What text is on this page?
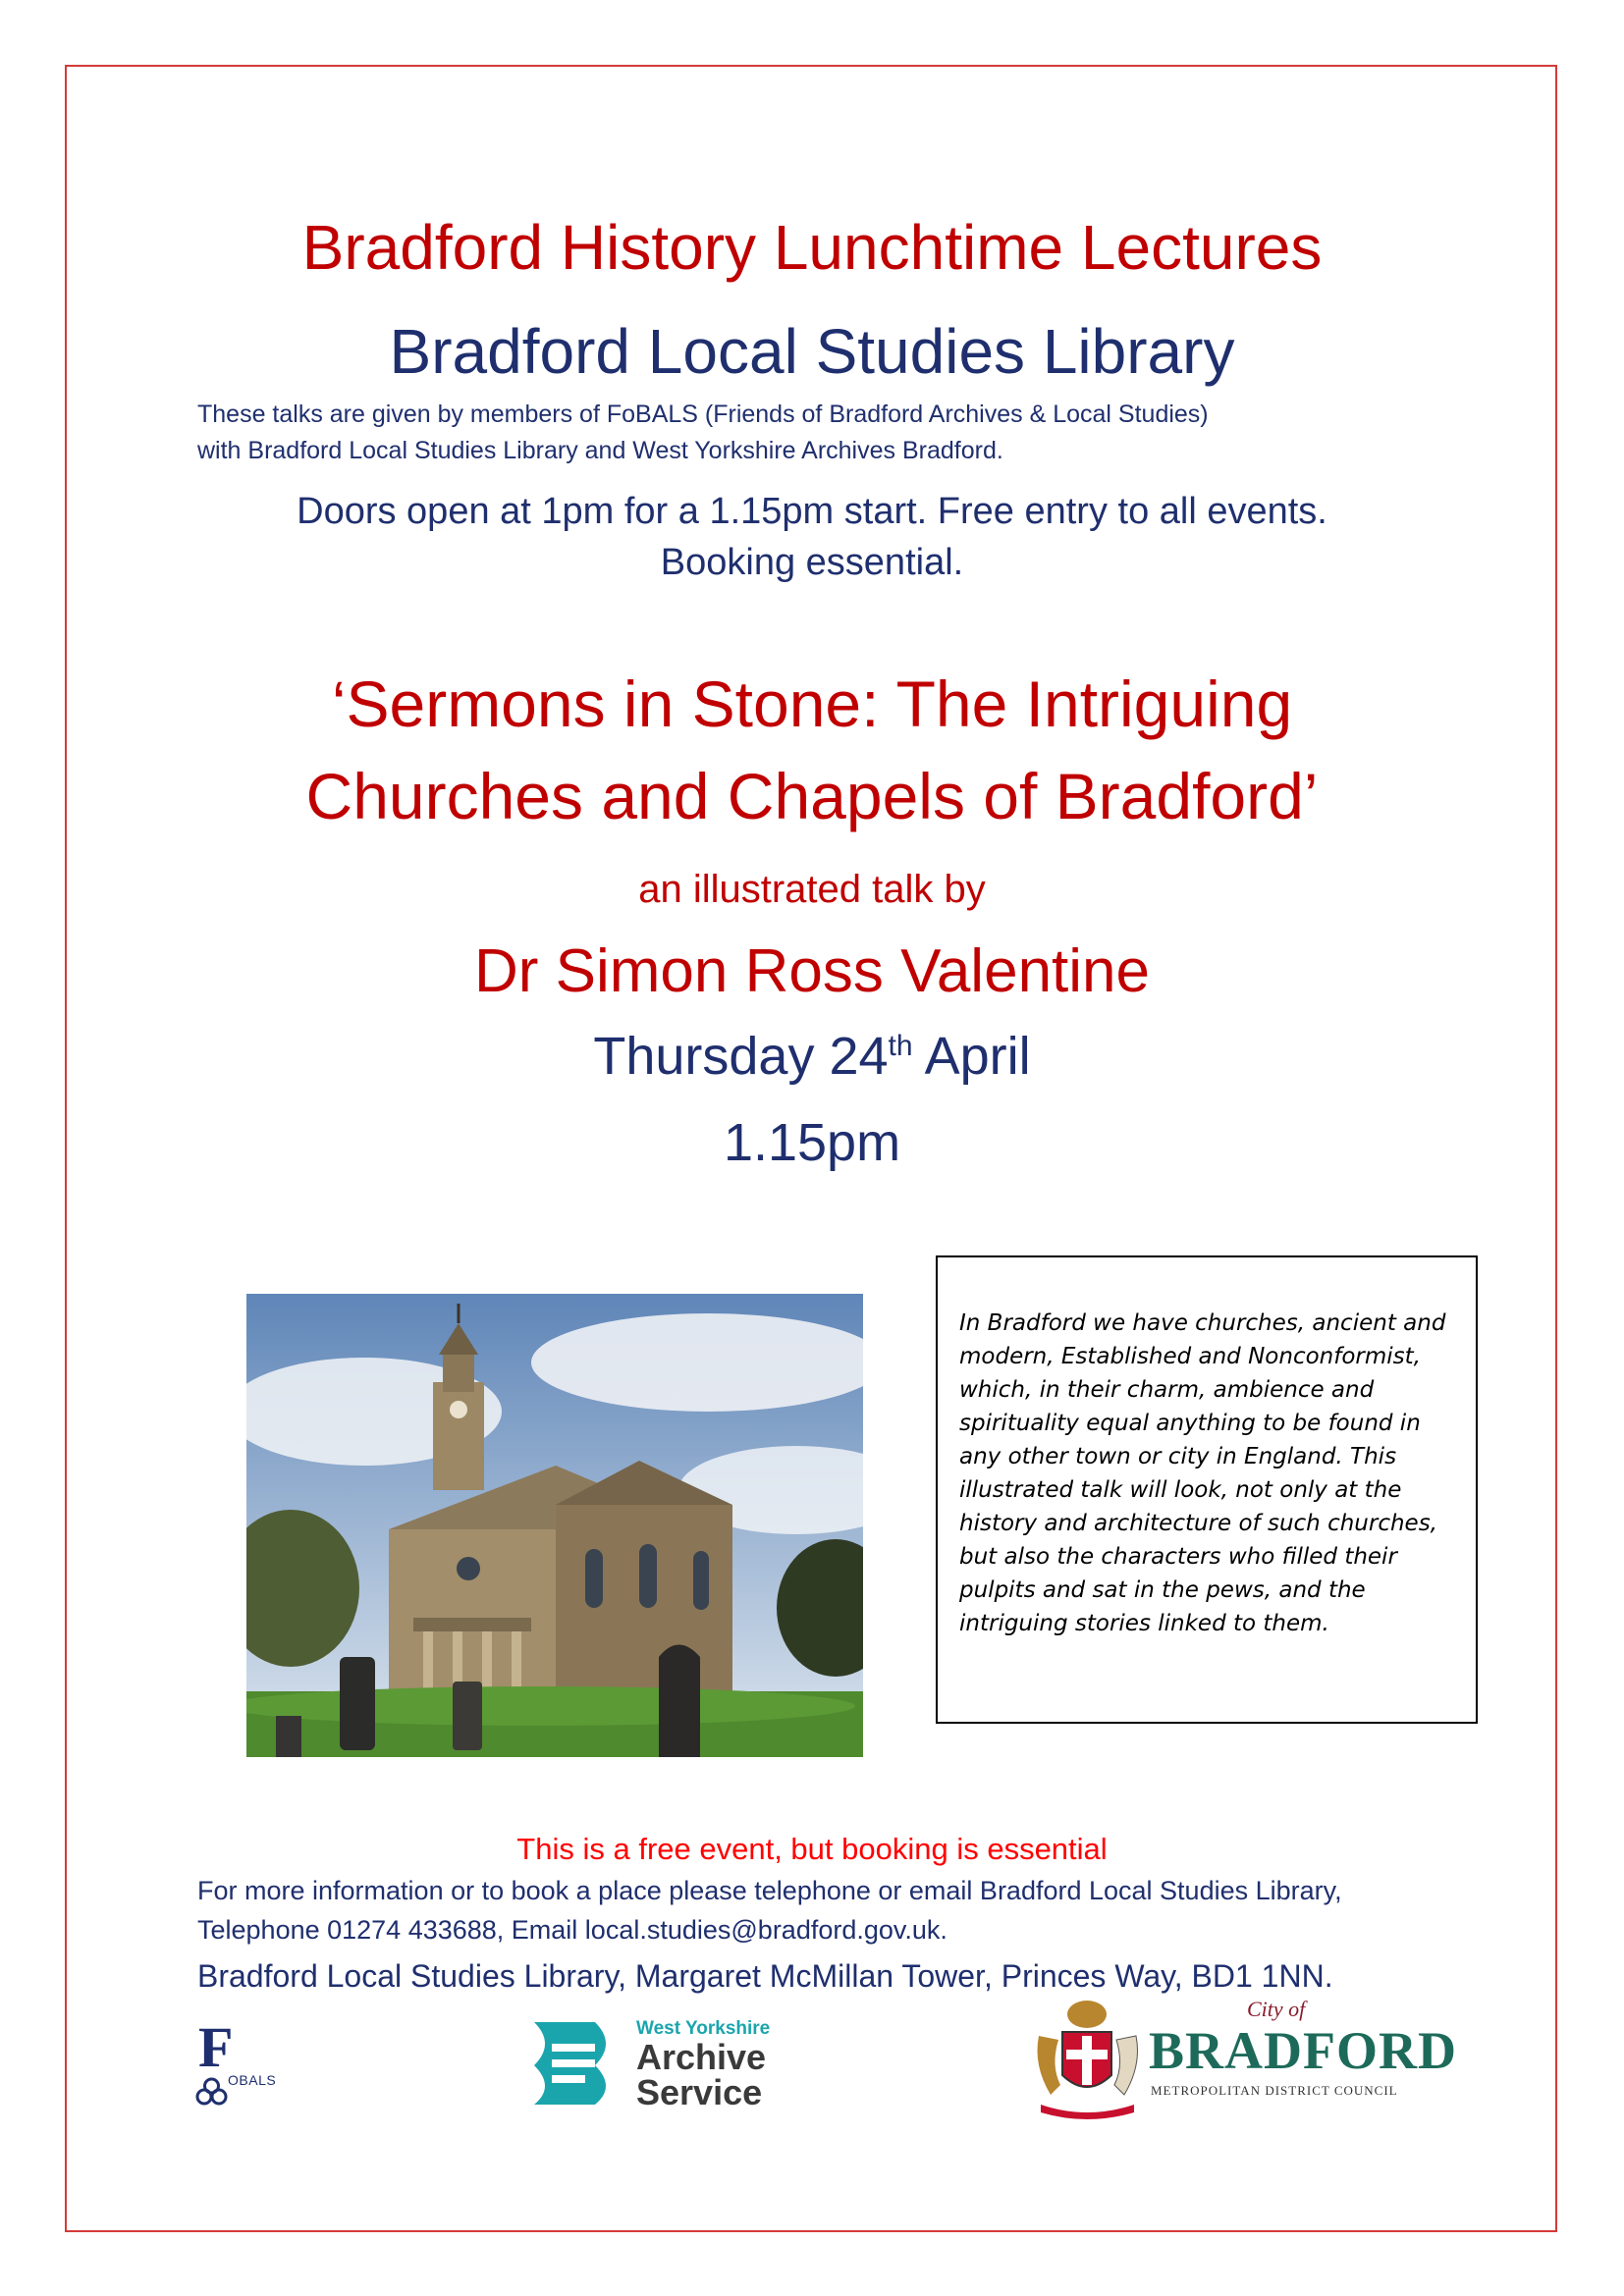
Bradford History Lunchtime Lectures
Bradford Local Studies Library
These talks are given by members of FoBALS (Friends of Bradford Archives & Local Studies)
with Bradford Local Studies Library and West Yorkshire Archives Bradford.
Doors open at 1pm for a 1.15pm start. Free entry to all events.
Booking essential.
‘Sermons in Stone: The Intriguing
Churches and Chapels of Bradford’
an illustrated talk by
Dr Simon Ross Valentine
Thursday 24th April
1.15pm
In Bradford we have churches, ancient and modern, Established and Nonconformist, which, in their charm, ambience and spirituality equal anything to be found in any other town or city in England. This illustrated talk will look, not only at the history and architecture of such churches, but also the characters who filled their pulpits and sat in the pews, and the intriguing stories linked to them.
This is a free event, but booking is essential
For more information or to book a place please telephone or email Bradford Local Studies Library,
Telephone 01274 433688, Email local.studies@bradford.gov.uk.
Bradford Local Studies Library, Margaret McMillan Tower, Princes Way, BD1 1NN.
F
OBALS
West Yorkshire
Archive
Service
City of
BRADFORD
METROPOLITAN DISTRICT COUNCIL
